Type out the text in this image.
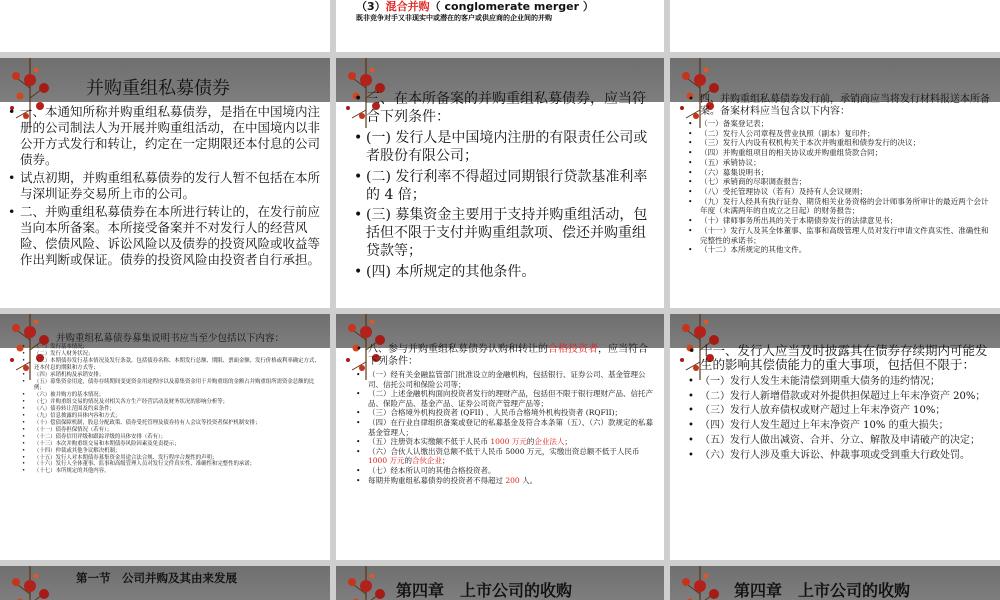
（3）混合并购（ conglomerate merger ）
既非竞争对手又非现实中或潜在的客户或供应商的企业间的并购
并购重组私募债券
• 一、本通知所称并购重组私募债券，是指在中国境内注册的公司制法人为开展并购重组活动，在中国境内以非公开方式发行和转让，约定在一定期限还本付息的公司债券。
• 试点初期，并购重组私募债券的发行人暂不包括在本所与深圳证券交易所上市的公司。
• 二、并购重组私募债券在本所进行转让的，在发行前应当向本所备案。本所接受备案并不对发行人的经营风险、偿债风险、诉讼风险以及债券的投资风险或收益等作出判断或保证。债券的投资风险由投资者自行承担。
• 三、在本所备案的并购重组私募债券，应当符合下列条件：
• (一) 发行人是中国境内注册的有限责任公司或者股份有限公司；
• (二) 发行利率不得超过同期银行贷款基准利率的 4 倍；
• (三) 募集资金主要用于支持并购重组活动，包括但不限于支付并购重组款项、偿还并购重组贷款等；
• (四) 本所规定的其他条件。
• 四、并购重组私募债券发行前，承销商应当将发行材料报送本所备案。备案材料应当包含以下内容：
• （一）备案登记表；
• （二）发行人公司章程及营业执照（副本）复印件；
• （三）发行人内设有权机构关于本次并购重组和债券发行的决议；
• （四）并购重组项目的相关协议或并购重组贷款合同；
• （五）承销协议；
• （六）募集说明书；
• （七）承销商的尽职调查报告；
• （八）受托管理协议（若有）及持有人会议规则；
• （九）发行人经具有执行证券、期货相关业务资格的会计师事务所审计的最近两个会计年度（未满两年的自成立之日起）的财务报告；
• （十）律师事务所出具的关于本期债券发行的法律意见书；
• （十一）发行人及其全体董事、监事和高级管理人员对发行申请文件真实性、准确性和完整性的承诺书；
• （十二）本所规定的其他文件。
并购重组私募债券募集说明书应当至少包括以下内容：
• （一）发行基本情况；
• （二）发行人财务状况；
• （三）本期债券发行基本情况及发行条款，包括债券名称、本期发行总额、期限、票面金额、发行价格或利率确定方式、还本付息的期限和方式等；
• （四）承销机构及承销安排；
• （五）募集资金用途，债券存续期间变更资金用途程序以及募集资金用于并购重组的金额占并购重组所需资金总额的比例；
• （六）被并购方的基本情况；
• （七）并购重组交易的情况及对相关各方生产经营活动及财务状况的影响分析等；
• （八）债券转让范围及约束条件；
• （九）信息披露的具体内容和方式；
• （十）偿债保障机制，股息分配政策、债券受托管理及债券持有人会议等投资者保护机制安排；
• （十一）债券担保情况（若有）；
• （十二）债券信用评级和跟踪评级的具体安排（若有）；
• （十三）本次并购重组交易和本期债券风险因素及免责提示；
• （十四）仲裁或其他争议解决机制；
• （十五）发行人对本期债券募集资金用途合法合规、发行程序合规性的声明；
• （十六）发行人全体董事、监事和高级管理人员对发行文件真实性、准确性和完整性的承诺；
• （十七）本所规定的其他内容。
• 八、参与并购重组私募债券认购和转让的合格投资者，应当符合下列条件：
• （一）经有关金融监管部门批准设立的金融机构，包括银行、证券公司、基金管理公司、信托公司和保险公司等；
• （二）上述金融机构面向投资者发行的理财产品，包括但不限于银行理财产品、信托产品、保险产品、基金产品、证券公司资产管理产品等；
• （三）合格境外机构投资者 (QFII) 、人民币合格境外机构投资者 (RQFII)；
• （四）在行业自律组织备案或登记的私募基金及符合本条第（五）、（六）款规定的私募基金管理人；
• （五）注册资本实缴额不低于人民币 1000 万元的企业法人；
• （六）合伙人认缴出资总额不低于人民币 5000 万元，实缴出资总额不低于人民币 1000 万元的合伙企业；
• （七）经本所认可的其他合格投资者。
• 每期并购重组私募债券的投资者不得超过 200 人。
• 十一、发行人应当及时披露其在债券存续期内可能发生的影响其偿债能力的重大事项，包括但不限于：
• （一）发行人发生未能清偿到期重大债务的违约情况；
• （二）发行人新增借款或对外提供担保超过上年末净资产 20%；
• （三）发行人放弃债权或财产超过上年末净资产 10%；
• （四）发行人发生超过上年末净资产 10% 的重大损失；
• （五）发行人做出减资、合并、分立、解散及申请破产的决定；
• （六）发行人涉及重大诉讼、仲裁事项或受到重大行政处罚。
第一节　公司并购及其由来发展
第四章　上市公司的收购	第四章　上市公司的收购
